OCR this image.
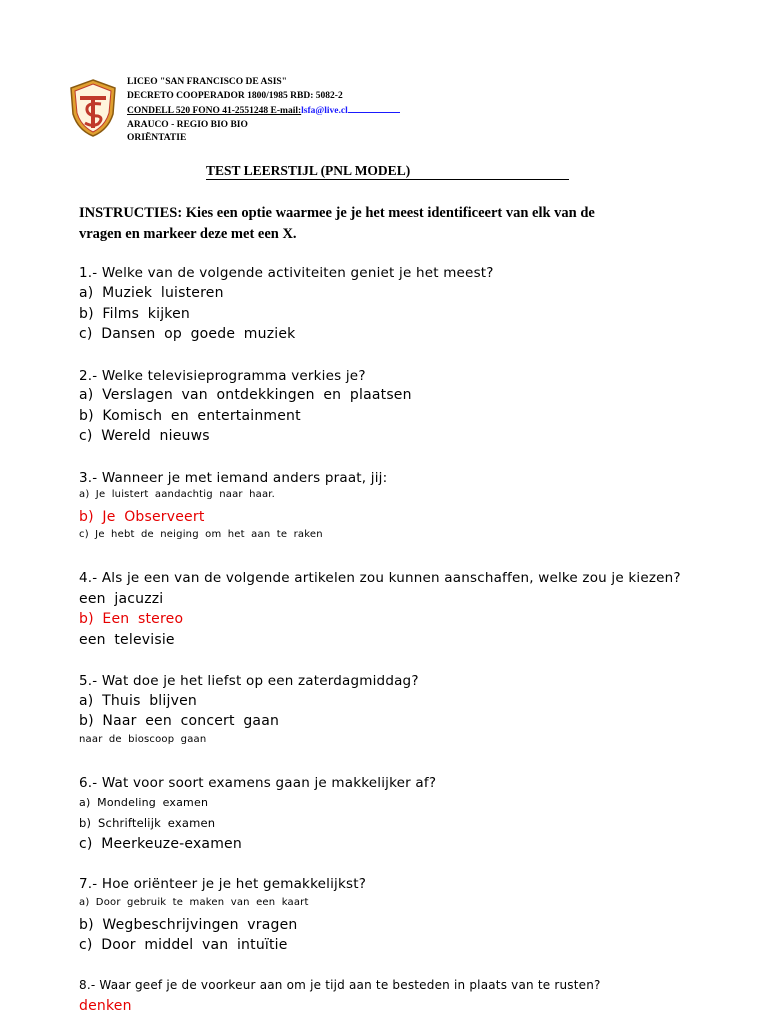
LICEO "SAN FRANCISCO DE ASIS"
DECRETO COOPERADOR 1800/1985 RBD: 5082-2
CONDELL 520 FONO 41-2551248 E-mail:lsfa@live.cl
ARAUCO - REGIO BIO BIO
ORIËNTATIE
TEST LEERSTIJL (PNL MODEL)
INSTRUCTIES: Kies een optie waarmee je je het meest identificeert van elk van de vragen en markeer deze met een X.
1.- Welke van de volgende activiteiten geniet je het meest?
a) Muziek luisteren
b) Films kijken
c) Dansen op goede muziek
2.- Welke televisieprogramma verkies je?
a) Verslagen van ontdekkingen en plaatsen
b) Komisch en entertainment
c) Wereld nieuws
3.- Wanneer je met iemand anders praat, jij:
a) Je luistert aandachtig naar haar.
b) Je Observeert
c) Je hebt de neiging om het aan te raken
4.- Als je een van de volgende artikelen zou kunnen aanschaffen, welke zou je kiezen?
een jacuzzi
b) Een stereo
een televisie
5.- Wat doe je het liefst op een zaterdagmiddag?
a) Thuis blijven
b) Naar een concert gaan
naar de bioscoop gaan
6.- Wat voor soort examens gaan je makkelijker af?
a) Mondeling examen
b) Schriftelijk examen
c) Meerkeuze-examen
7.- Hoe oriënteer je je het gemakkelijkst?
a) Door gebruik te maken van een kaart
b) Wegbeschrijvingen vragen
c) Door middel van intuïtie
8.- Waar geef je de voorkeur aan om je tijd aan te besteden in plaats van te rusten?
denken
